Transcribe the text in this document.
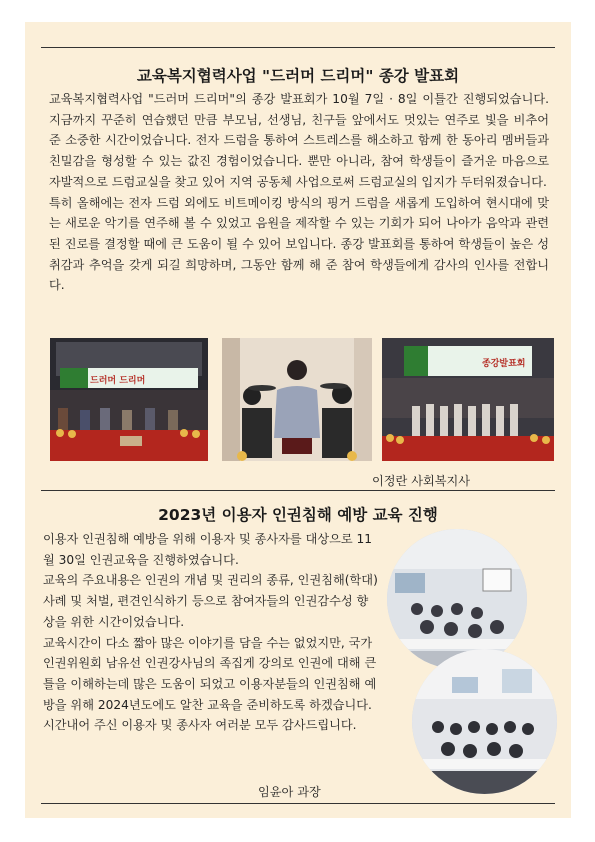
교육복지협력사업 "드러머 드리머" 종강 발표회

교육복지협력사업 "드러머 드리머"의 종강 발표회가 10월 7일 · 8일 이틀간 진행되었습니다. 지금까지 꾸준히 연습했던 만큼 부모님, 선생님, 친구들 앞에서도 멋있는 연주로 빛을 비추어 준 소중한 시간이었습니다. 전자 드럼을 통하여 스트레스를 해소하고 함께 한 동아리 멤버들과 친밀감을 형성할 수 있는 값진 경험이었습니다. 뿐만 아니라, 참여 학생들이 즐거운 마음으로 자발적으로 드럼교실을 찾고 있어 지역 공동체 사업으로써 드럼교실의 입지가 두터워졌습니다.

특히 올해에는 전자 드럼 외에도 비트메이킹 방식의 핑거 드럼을 새롭게 도입하여 현시대에 맞는 새로운 악기를 연주해 볼 수 있었고 음원을 제작할 수 있는 기회가 되어 나아가 음악과 관련된 진로를 결정할 때에 큰 도움이 될 수 있어 보입니다. 종강 발표회를 통하여 학생들이 높은 성취감과 추억을 갖게 되길 희망하며, 그동안 함께 해 준 참여 학생들에게 감사의 인사를 전합니다.

드러머 드리머
종강발표회
이정란 사회복지사
2023년 이용자 인권침해 예방 교육 진행

이용자 인권침해 예방을 위해 이용자 및 종사자를 대상으로 11월 30일 인권교육을 진행하였습니다.

교육의 주요내용은 인권의 개념 및 권리의 종류, 인권침해(학대) 사례 및 처벌, 편견인식하기 등으로 참여자들의 인권감수성 향상을 위한 시간이었습니다.

교육시간이 다소 짧아 많은 이야기를 담을 수는 없었지만, 국가인권위원회 남유선 인권강사님의 족집게 강의로 인권에 대해 큰 틀을 이해하는데 많은 도움이 되었고 이용자분들의 인권침해 예방을 위해 2024년도에도 알찬 교육을 준비하도록 하겠습니다.

시간내어 주신 이용자 및 종사자 여러분 모두 감사드립니다.

임윤아 과장
